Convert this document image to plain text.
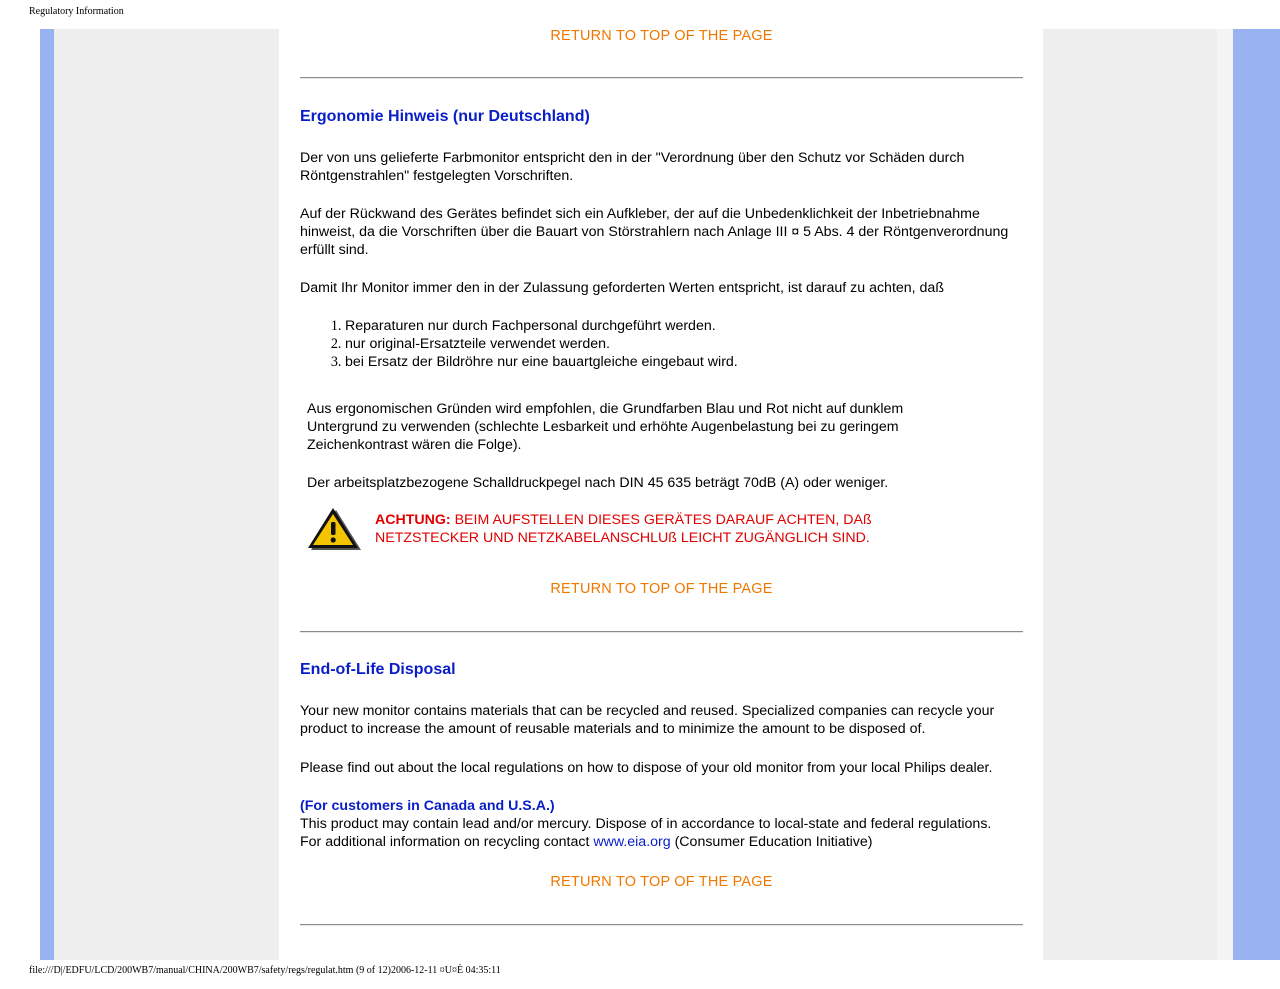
Regulatory Information
RETURN TO TOP OF THE PAGE
Ergonomie Hinweis (nur Deutschland)
Der von uns gelieferte Farbmonitor entspricht den in der "Verordnung über den Schutz vor Schäden durch Röntgenstrahlen" festgelegten Vorschriften.
Auf der Rückwand des Gerätes befindet sich ein Aufkleber, der auf die Unbedenklichkeit der Inbetriebnahme hinweist, da die Vorschriften über die Bauart von Störstrahlern nach Anlage III ¤ 5 Abs. 4 der Röntgenverordnung erfüllt sind.
Damit Ihr Monitor immer den in der Zulassung geforderten Werten entspricht, ist darauf zu achten, daß
1. Reparaturen nur durch Fachpersonal durchgeführt werden.
2. nur original-Ersatzteile verwendet werden.
3. bei Ersatz der Bildröhre nur eine bauartgleiche eingebaut wird.
Aus ergonomischen Gründen wird empfohlen, die Grundfarben Blau und Rot nicht auf dunklem Untergrund zu verwenden (schlechte Lesbarkeit und erhöhte Augenbelastung bei zu geringem Zeichenkontrast wären die Folge).
Der arbeitsplatzbezogene Schalldruckpegel nach DIN 45 635 beträgt 70dB (A) oder weniger.
ACHTUNG: BEIM AUFSTELLEN DIESES GERÄTES DARAUF ACHTEN, DAß NETZSTECKER UND NETZKABELANSCHLUß LEICHT ZUGÄNGLICH SIND.
RETURN TO TOP OF THE PAGE
End-of-Life Disposal
Your new monitor contains materials that can be recycled and reused. Specialized companies can recycle your product to increase the amount of reusable materials and to minimize the amount to be disposed of.
Please find out about the local regulations on how to dispose of your old monitor from your local Philips dealer.
(For customers in Canada and U.S.A.)
This product may contain lead and/or mercury. Dispose of in accordance to local-state and federal regulations.
For additional information on recycling contact www.eia.org (Consumer Education Initiative)
RETURN TO TOP OF THE PAGE
file:///D|/EDFU/LCD/200WB7/manual/CHINA/200WB7/safety/regs/regulat.htm (9 of 12)2006-12-11 ¤U¤È 04:35:11
